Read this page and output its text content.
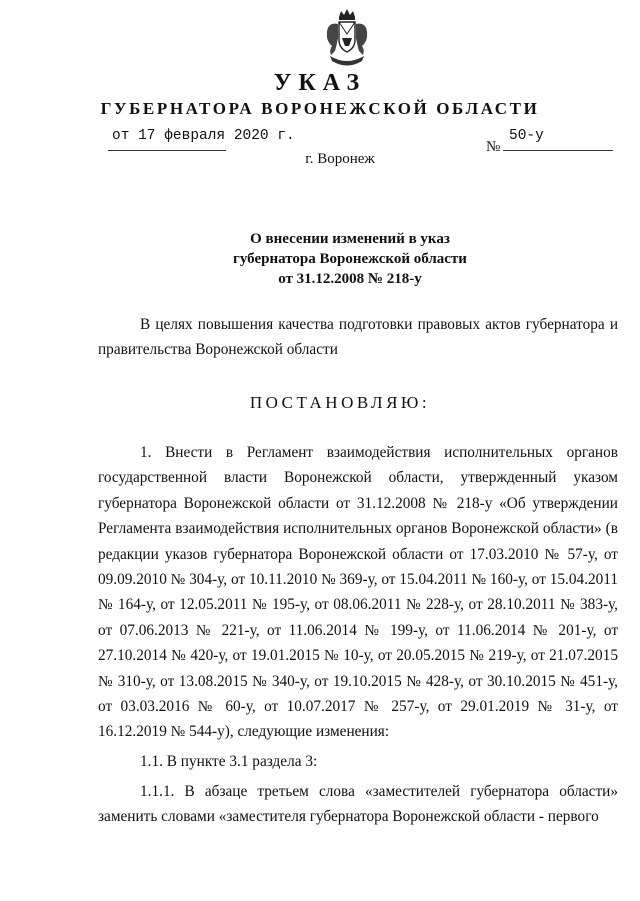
УКАЗ
ГУБЕРНАТОРА ВОРОНЕЖСКОЙ ОБЛАСТИ
от 17 февраля 2020 г.
№
50-у
г. Воронеж
О внесении изменений в указ
губернатора Воронежской области
от 31.12.2008 № 218-у
В целях повышения качества подготовки правовых актов губернатора и правительства Воронежской области
ПОСТАНОВЛЯЮ:
1. Внести в Регламент взаимодействия исполнительных органов государственной власти Воронежской области, утвержденный указом губернатора Воронежской области от 31.12.2008 № 218-у «Об утверждении Регламента взаимодействия исполнительных органов Воронежской области» (в редакции указов губернатора Воронежской области от 17.03.2010 № 57-у, от 09.09.2010 № 304-у, от 10.11.2010 № 369-у, от 15.04.2011 № 160-у, от 15.04.2011 № 164-у, от 12.05.2011 № 195-у, от 08.06.2011 № 228-у, от 28.10.2011 № 383-у, от 07.06.2013 № 221-у, от 11.06.2014 № 199-у, от 11.06.2014 № 201-у, от 27.10.2014 № 420-у, от 19.01.2015 № 10-у, от 20.05.2015 № 219-у, от 21.07.2015 № 310-у, от 13.08.2015 № 340-у, от 19.10.2015 № 428-у, от 30.10.2015 № 451-у, от 03.03.2016 № 60-у, от 10.07.2017 № 257-у, от 29.01.2019 № 31-у, от 16.12.2019 № 544-у), следующие изменения:
1.1. В пункте 3.1 раздела 3:
1.1.1. В абзаце третьем слова «заместителей губернатора области» заменить словами «заместителя губернатора Воронежской области - первого
